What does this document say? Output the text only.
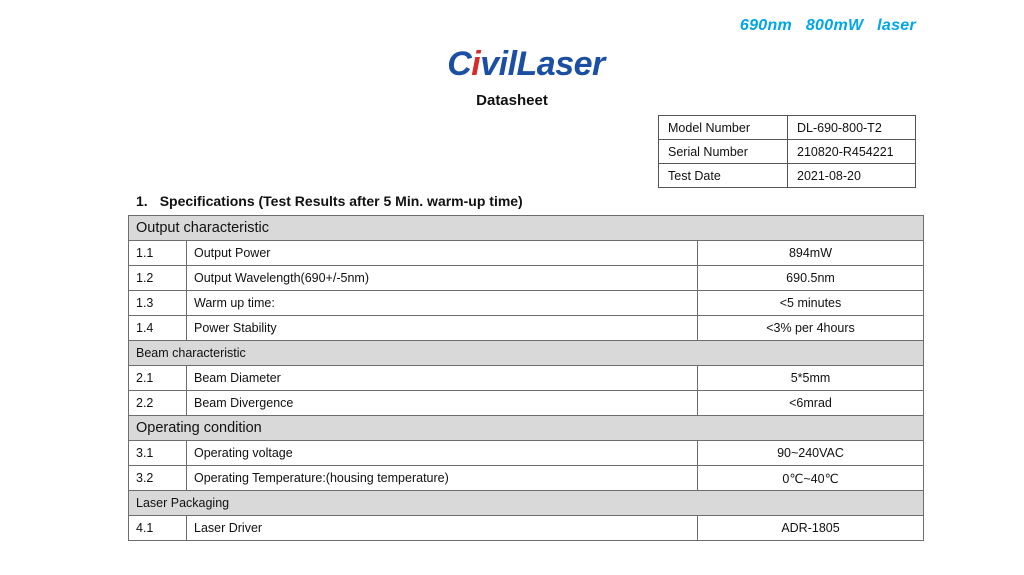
690nm 800mW laser
CivilLaser
Datasheet
Model Number	DL-690-800-T2
Serial Number	210820-R454221
Test Date	2021-08-20
1. Specifications (Test Results after 5 Min. warm-up time)
Output characteristic		
1.1	Output Power	894mW
1.2	Output Wavelength(690+/-5nm)	690.5nm
1.3	Warm up time:	<5 minutes
1.4	Power Stability	<3% per 4hours
Beam characteristic		
2.1	Beam Diameter	5*5mm
2.2	Beam Divergence	<6mrad
Operating condition		
3.1	Operating voltage	90~240VAC
3.2	Operating Temperature:(housing temperature)	0℃~40℃
Laser Packaging		
4.1	Laser Driver	ADR-1805
